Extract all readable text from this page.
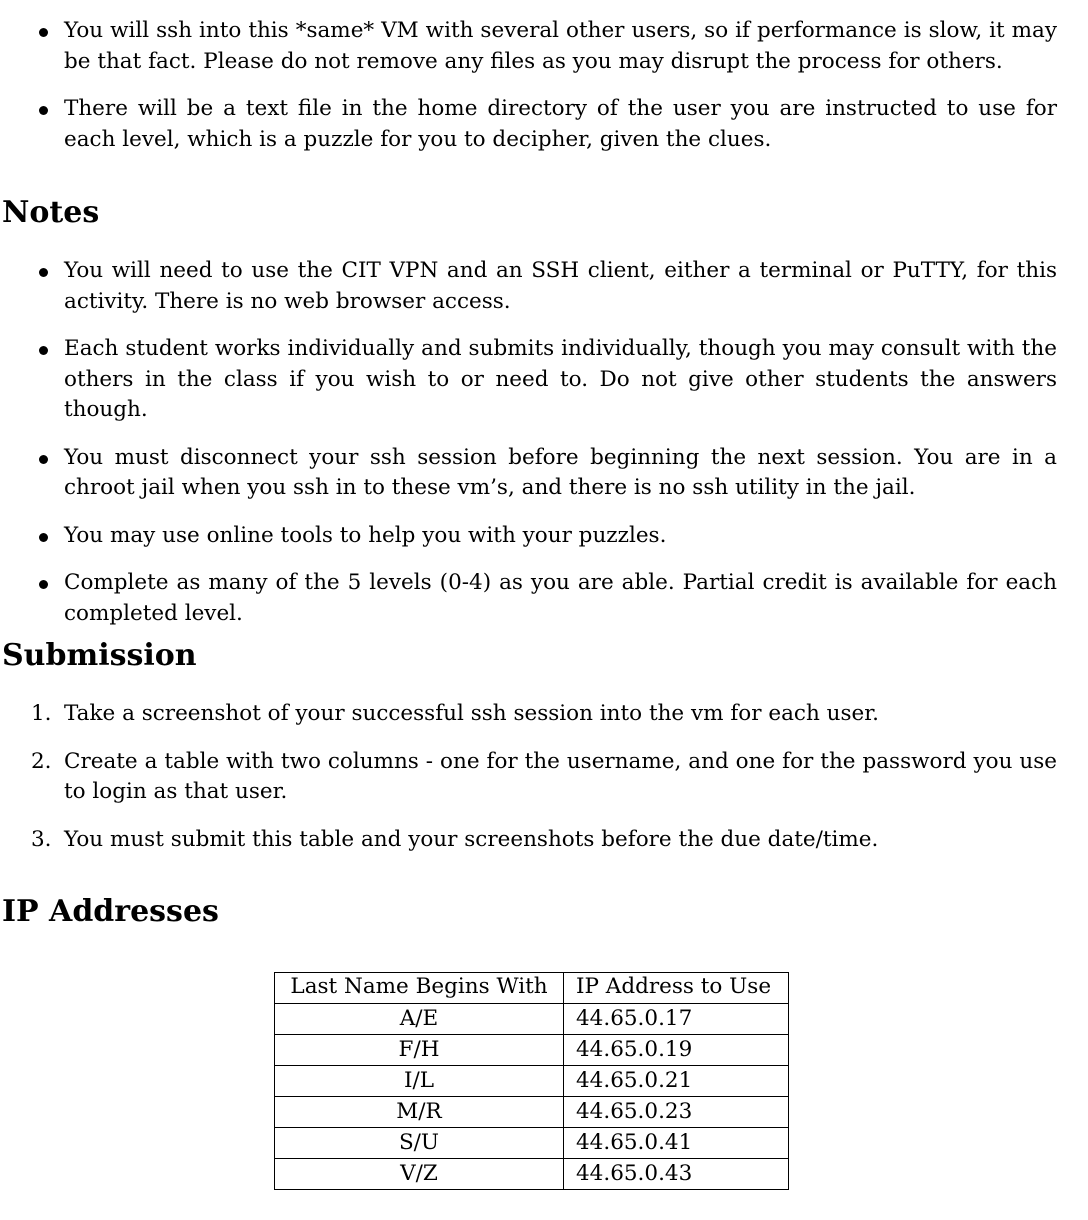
You will ssh into this *same* VM with several other users, so if performance is slow, it may be that fact. Please do not remove any files as you may disrupt the process for others.
There will be a text file in the home directory of the user you are instructed to use for each level, which is a puzzle for you to decipher, given the clues.
Notes
You will need to use the CIT VPN and an SSH client, either a terminal or PuTTY, for this activity. There is no web browser access.
Each student works individually and submits individually, though you may consult with the others in the class if you wish to or need to. Do not give other students the answers though.
You must disconnect your ssh session before beginning the next session. You are in a chroot jail when you ssh in to these vm’s, and there is no ssh utility in the jail.
You may use online tools to help you with your puzzles.
Complete as many of the 5 levels (0-4) as you are able. Partial credit is available for each completed level.
Submission
1. Take a screenshot of your successful ssh session into the vm for each user.
2. Create a table with two columns - one for the username, and one for the password you use to login as that user.
3. You must submit this table and your screenshots before the due date/time.
IP Addresses
Last Name Begins With	IP Address to Use
A/E	44.65.0.17
F/H	44.65.0.19
I/L	44.65.0.21
M/R	44.65.0.23
S/U	44.65.0.41
V/Z	44.65.0.43
